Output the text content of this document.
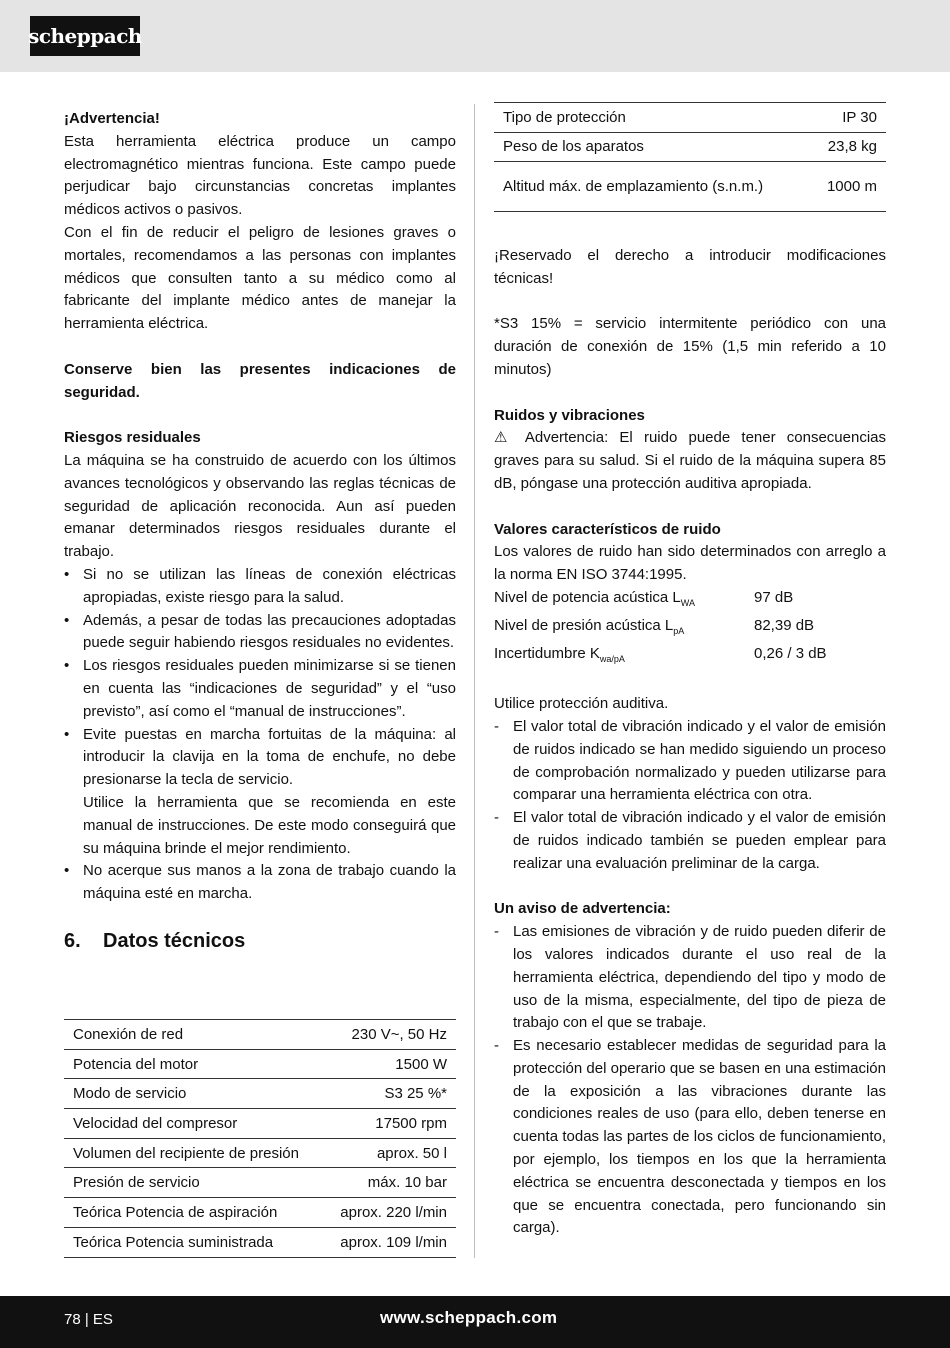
scheppach
¡Advertencia!
Esta herramienta eléctrica produce un campo electromagnético mientras funciona. Este campo puede perjudicar bajo circunstancias concretas implantes médicos activos o pasivos.
Con el fin de reducir el peligro de lesiones graves o mortales, recomendamos a las personas con implantes médicos que consulten tanto a su médico como al fabricante del implante médico antes de manejar la herramienta eléctrica.
Conserve bien las presentes indicaciones de seguridad.
Riesgos residuales
La máquina se ha construido de acuerdo con los últimos avances tecnológicos y observando las reglas técnicas de seguridad de aplicación reconocida. Aun así pueden emanar determinados riesgos residuales durante el trabajo.
• Si no se utilizan las líneas de conexión eléctricas apropiadas, existe riesgo para la salud.
• Además, a pesar de todas las precauciones adoptadas puede seguir habiendo riesgos residuales no evidentes.
• Los riesgos residuales pueden minimizarse si se tienen en cuenta las “indicaciones de seguridad” y el “uso previsto”, así como el “manual de instrucciones”.
• Evite puestas en marcha fortuitas de la máquina: al introducir la clavija en la toma de enchufe, no debe presionarse la tecla de servicio.
Utilice la herramienta que se recomienda en este manual de instrucciones. De este modo conseguirá que su máquina brinde el mejor rendimiento.
• No acerque sus manos a la zona de trabajo cuando la máquina esté en marcha.
6. Datos técnicos
Conexión de red	230 V~, 50 Hz
Potencia del motor	1500 W
Modo de servicio	S3 25 %*
Velocidad del compresor	17500 rpm
Volumen del recipiente de presión	aprox. 50 l
Presión de servicio	máx. 10 bar
Teórica Potencia de aspiración	aprox. 220 l/min
Teórica Potencia suministrada	aprox. 109 l/min
Tipo de protección	IP 30
Peso de los aparatos	23,8 kg
Altitud máx. de emplazamiento (s.n.m.)	1000 m
¡Reservado el derecho a introducir modificaciones técnicas!
*S3 15% = servicio intermitente periódico con una duración de conexión de 15% (1,5 min referido a 10 minutos)
Ruidos y vibraciones
⚠ Advertencia: El ruido puede tener consecuencias graves para su salud. Si el ruido de la máquina supera 85 dB, póngase una protección auditiva apropiada.
Valores característicos de ruido
Los valores de ruido han sido determinados con arreglo a la norma EN ISO 3744:1995.
Nivel de potencia acústica $L_{WA}$	97 dB
Nivel de presión acústica $L_{pA}$	82,39 dB
Incertidumbre $K_{wa/pA}$	0,26 / 3 dB
Utilice protección auditiva.
- El valor total de vibración indicado y el valor de emisión de ruidos indicado se han medido siguiendo un proceso de comprobación normalizado y pueden utilizarse para comparar una herramienta eléctrica con otra.
- El valor total de vibración indicado y el valor de emisión de ruidos indicado también se pueden emplear para realizar una evaluación preliminar de la carga.
Un aviso de advertencia:
- Las emisiones de vibración y de ruido pueden diferir de los valores indicados durante el uso real de la herramienta eléctrica, dependiendo del tipo y modo de uso de la misma, especialmente, del tipo de pieza de trabajo con el que se trabaje.
- Es necesario establecer medidas de seguridad para la protección del operario que se basen en una estimación de la exposición a las vibraciones durante las condiciones reales de uso (para ello, deben tenerse en cuenta todas las partes de los ciclos de funcionamiento, por ejemplo, los tiempos en los que la herramienta eléctrica se encuentra desconectada y tiempos en los que se encuentra conectada, pero funcionando sin carga).
78 | ES	www.scheppach.com
